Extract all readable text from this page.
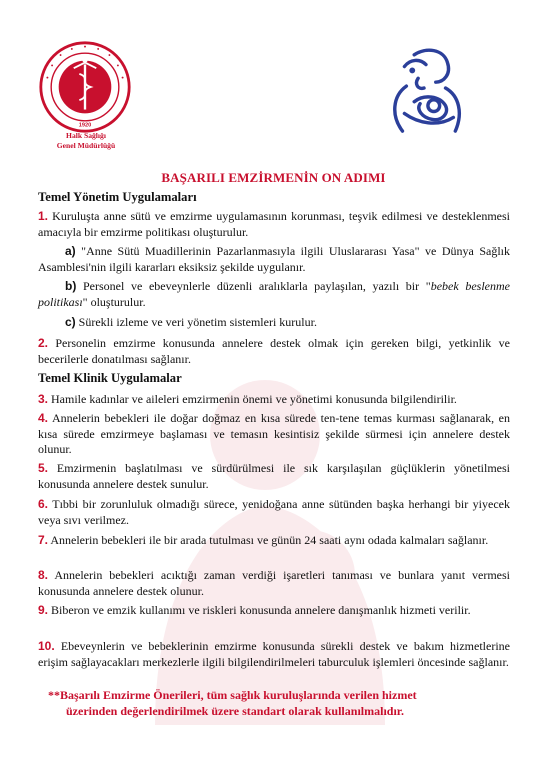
1920
Halk Sağlığı
Genel Müdürlüğü
BAŞARILI EMZİRMENİN ON ADIMI
Temel Yönetim Uygulamaları
1. Kuruluşta anne sütü ve emzirme uygulamasının korunması, teşvik edilmesi ve desteklenmesi amacıyla bir emzirme politikası oluşturulur.
a) "Anne Sütü Muadillerinin Pazarlanmasıyla ilgili Uluslararası Yasa" ve Dünya Sağlık Asamblesi'nin ilgili kararları eksiksiz şekilde uygulanır.
b) Personel ve ebeveynlerle düzenli aralıklarla paylaşılan, yazılı bir "bebek beslenme politikası" oluşturulur.
c) Sürekli izleme ve veri yönetim sistemleri kurulur.
2. Personelin emzirme konusunda annelere destek olmak için gereken bilgi, yetkinlik ve becerilerle donatılması sağlanır.
Temel Klinik Uygulamalar
3. Hamile kadınlar ve aileleri emzirmenin önemi ve yönetimi konusunda bilgilendirilir.
4. Annelerin bebekleri ile doğar doğmaz en kısa sürede ten-tene temas kurması sağlanarak, en kısa sürede emzirmeye başlaması ve temasın kesintisiz şekilde sürmesi için annelere destek olunur.
5. Emzirmenin başlatılması ve sürdürülmesi ile sık karşılaşılan güçlüklerin yönetilmesi konusunda annelere destek sunulur.
6. Tıbbi bir zorunluluk olmadığı sürece, yenidoğana anne sütünden başka herhangi bir yiyecek veya sıvı verilmez.
7. Annelerin bebekleri ile bir arada tutulması ve günün 24 saati aynı odada kalmaları sağlanır.
8. Annelerin bebekleri acıktığı zaman verdiği işaretleri tanıması ve bunlara yanıt vermesi konusunda annelere destek olunur.
9. Biberon ve emzik kullanımı ve riskleri konusunda annelere danışmanlık hizmeti verilir.
10. Ebeveynlerin ve bebeklerinin emzirme konusunda sürekli destek ve bakım hizmetlerine erişim sağlayacakları merkezlerle ilgili bilgilendirilmeleri taburculuk işlemleri öncesinde sağlanır.
**Başarılı Emzirme Önerileri, tüm sağlık kuruluşlarında verilen hizmet
üzerinden değerlendirilmek üzere standart olarak kullanılmalıdır.
